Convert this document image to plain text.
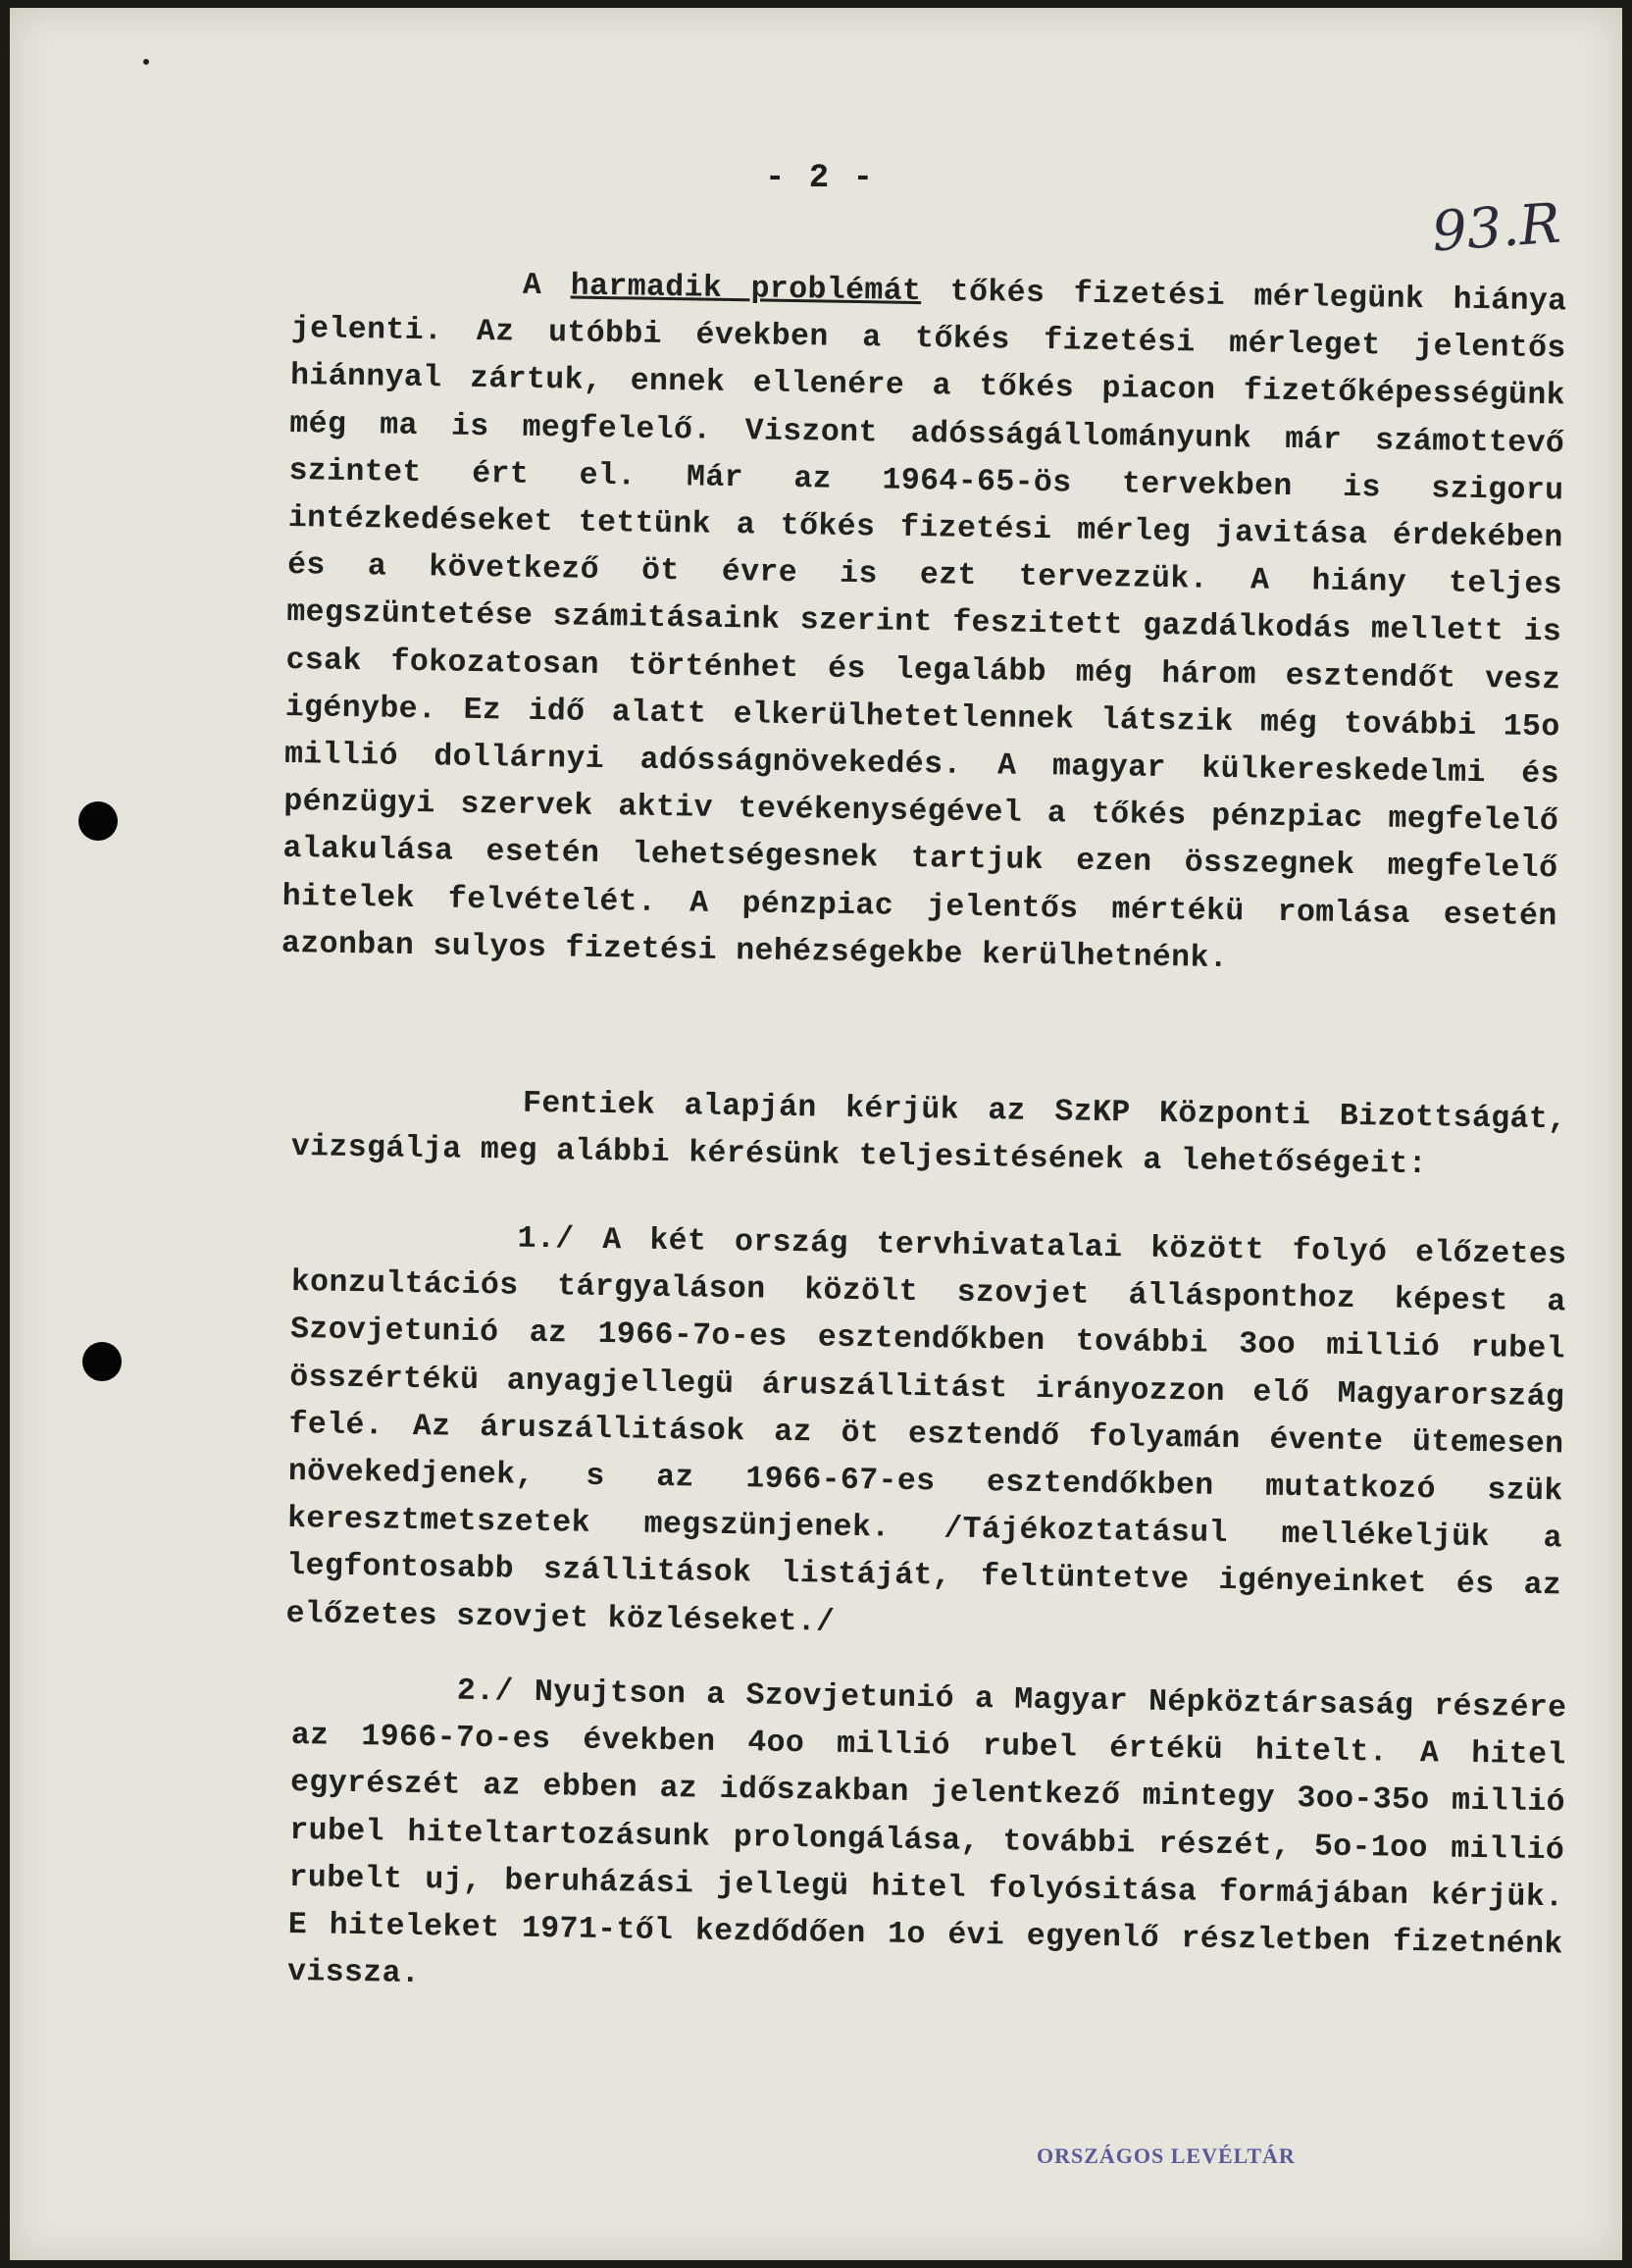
- 2 -
93.R

A harmadik problémát tőkés fizetési mérlegünk hiánya jelenti. Az utóbbi években a tőkés fizetési mérleget jelentős hiánnyal zártuk, ennek ellenére a tőkés piacon fizetőképességünk még ma is megfelelő. Viszont adósságállományunk már számottevő szintet ért el. Már az 1964-65-ös tervekben is szigoru intézkedéseket tettünk a tőkés fizetési mérleg javitása érdekében és a következő öt évre is ezt tervezzük. A hiány teljes megszüntetése számitásaink szerint feszitett gazdálkodás mellett is csak fokozatosan történhet és legalább még három esztendőt vesz igénybe. Ez idő alatt elkerülhetetlennek látszik még további 15o millió dollárnyi adósságnövekedés. A magyar külkereskedelmi és pénzügyi szervek aktiv tevékenységével a tőkés pénzpiac megfelelő alakulása esetén lehetségesnek tartjuk ezen összegnek megfelelő hitelek felvételét. A pénzpiac jelentős mértékü romlása esetén azonban sulyos fizetési nehézségekbe kerülhetnénk.

Fentiek alapján kérjük az SzKP Központi Bizottságát, vizsgálja meg alábbi kérésünk teljesitésének a lehetőségeit:

1./ A két ország tervhivatalai között folyó előzetes konzultációs tárgyaláson közölt szovjet állásponthoz képest a Szovjetunió az 1966-7o-es esztendőkben további 3oo millió rubel összértékü anyagjellegü áruszállitást irányozzon elő Magyarország felé. Az áruszállitások az öt esztendő folyamán évente ütemesen növekedjenek, s az 1966-67-es esztendőkben mutatkozó szük keresztmetszetek megszünjenek. /Tájékoztatásul mellékeljük a legfontosabb szállitások listáját, feltüntetve igényeinket és az előzetes szovjet közléseket./

2./ Nyujtson a Szovjetunió a Magyar Népköztársaság részére az 1966-7o-es években 4oo millió rubel értékü hitelt. A hitel egyrészét az ebben az időszakban jelentkező mintegy 3oo-35o millió rubel hiteltartozásunk prolongálása, további részét, 5o-1oo millió rubelt uj, beruházási jellegü hitel folyósitása formájában kérjük. E hiteleket 1971-től kezdődően 1o évi egyenlő részletben fizetnénk vissza.

ORSZÁGOS LEVÉLTÁR
